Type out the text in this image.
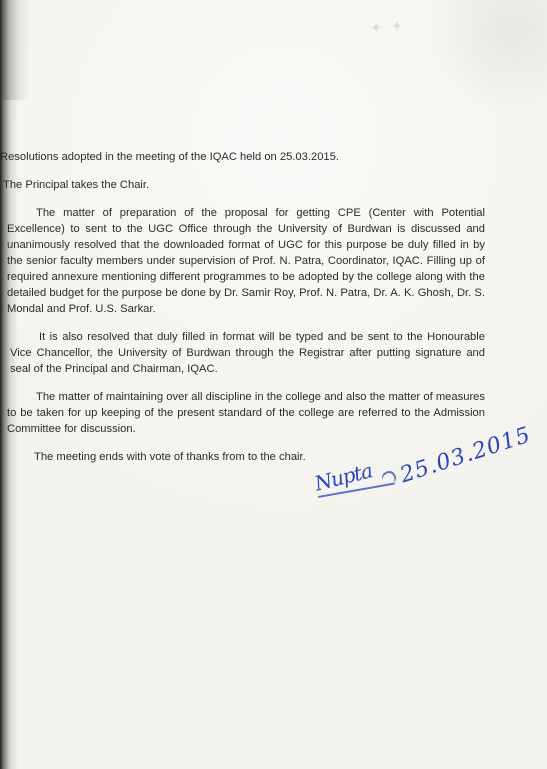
✦ ✦
Resolutions adopted in the meeting of the IQAC held on 25.03.2015.
The Principal takes the Chair.
The matter of preparation of the proposal for getting CPE (Center with Potential Excellence) to sent to the UGC Office through the University of Burdwan is discussed and unanimously resolved that the downloaded format of UGC for this purpose be duly filled in by the senior faculty members under supervision of Prof. N. Patra, Coordinator, IQAC. Filling up of required annexure mentioning different programmes to be adopted by the college along with the detailed budget for the purpose be done by Dr. Samir Roy, Prof. N. Patra, Dr. A. K. Ghosh, Dr. S. Mondal and Prof. U.S. Sarkar.
It is also resolved that duly filled in format will be typed and be sent to the Honourable Vice Chancellor, the University of Burdwan through the Registrar after putting signature and seal of the Principal and Chairman, IQAC.
The matter of maintaining over all discipline in the college and also the matter of measures to be taken for up keeping of the present standard of the college are referred to the Admission Committee for discussion.
The meeting ends with vote of thanks from to the chair.
Nupta 25.03.2015
